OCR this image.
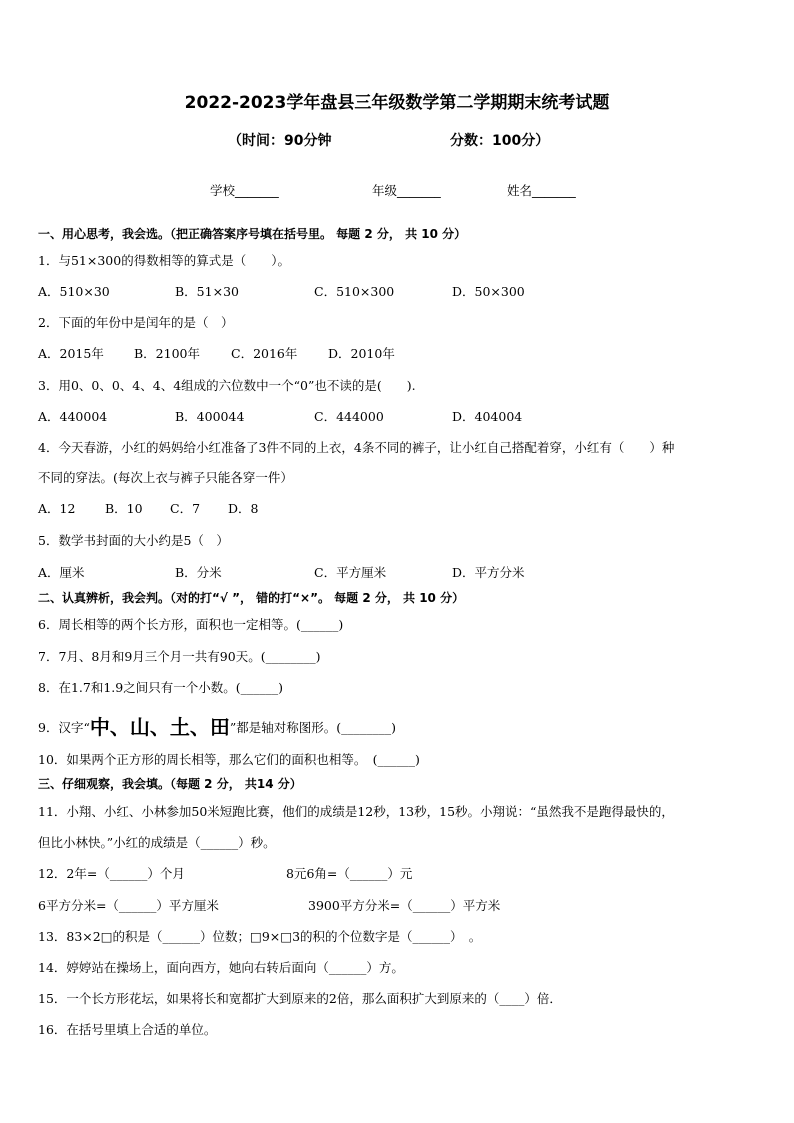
2022-2023学年盘县三年级数学第二学期期末统考试题
（时间：90分钟	分数：100分）
学校_______	年级_______	姓名_______
一、用心思考，我会选。（把正确答案序号填在括号里。 每题 2 分， 共 10 分）
1．与51×300的得数相等的算式是（　　）。
A．510×30	B．51×30	C．510×300	D．50×300
2．下面的年份中是闰年的是（　）
A．2015年 B．2100年 C．2016年 D．2010年
3．用0、0、0、4、4、4组成的六位数中一个“0”也不读的是(　　).
A．440004	B．400044	C．444000	D．404004
4．今天春游，小红的妈妈给小红准备了3件不同的上衣，4条不同的裤子，让小红自己搭配着穿，小红有（　　）种
不同的穿法。(每次上衣与裤子只能各穿一件）
A．12 B．10 C．7 D．8
5．数学书封面的大小约是5（　）
A．厘米	B．分米	C．平方厘米	D．平方分米
二、认真辨析，我会判。（对的打“√ ”， 错的打“×”。 每题 2 分， 共 10 分）
6．周长相等的两个长方形，面积也一定相等。(______)
7．7月、8月和9月三个月一共有90天。(________)
8．在1.7和1.9之间只有一个小数。(______)
9．汉字“中、山、土、田”都是轴对称图形。(________)
10．如果两个正方形的周长相等，那么它们的面积也相等。　(______)
三、仔细观察，我会填。（每题 2 分， 共14 分）
11．小翔、小红、小林参加50米短跑比赛，他们的成绩是12秒，13秒，15秒。小翔说：“虽然我不是跑得最快的，
但比小林快。”小红的成绩是（______）秒。
12．2年=（______）个月	8元6角=（______）元
6平方分米=（______）平方厘米	3900平方分米=（______）平方米
13．83×2□的积是（______）位数；□9×□3的积的个位数字是（______）　。
14．婷婷站在操场上，面向西方，她向右转后面向（______）方。
15．一个长方形花坛，如果将长和宽都扩大到原来的2倍，那么面积扩大到原来的（____）倍．
16．在括号里填上合适的单位。
